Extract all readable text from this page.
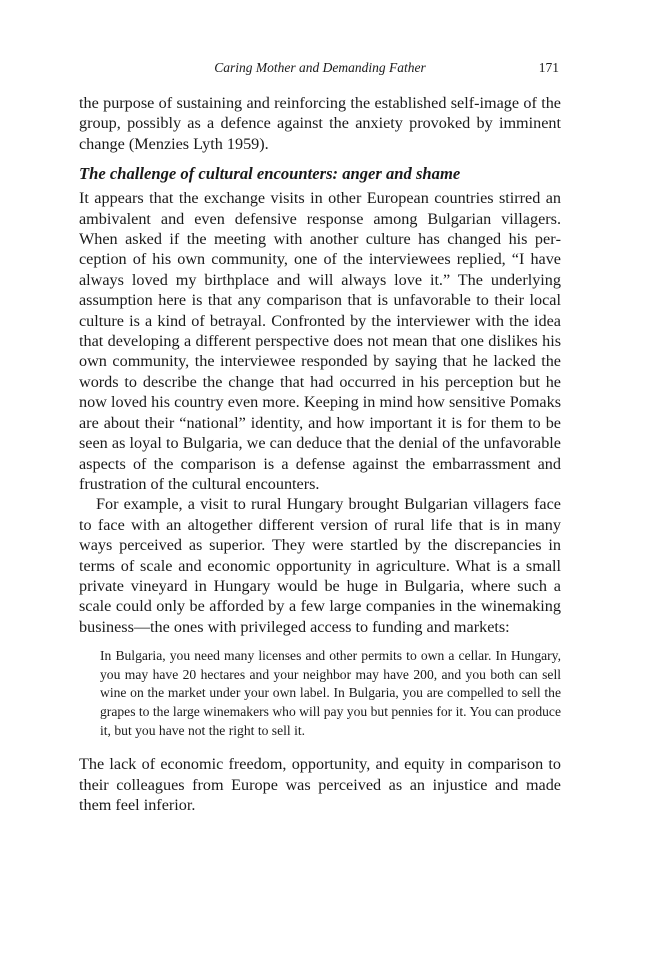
Caring Mother and Demanding Father	171

the purpose of sustaining and reinforcing the established self-image of the group, possibly as a defence against the anxiety provoked by imminent change (Menzies Lyth 1959).

The challenge of cultural encounters: anger and shame

It appears that the exchange visits in other European countries stirred an ambivalent and even defensive response among Bulgarian villagers. When asked if the meeting with another culture has changed his perception of his own community, one of the interviewees replied, “I have always loved my birthplace and will always love it.” The underlying assumption here is that any comparison that is unfavorable to their local culture is a kind of betrayal. Confronted by the interviewer with the idea that developing a different perspective does not mean that one dislikes his own community, the interviewee responded by saying that he lacked the words to describe the change that had occurred in his perception but he now loved his country even more. Keeping in mind how sensitive Pomaks are about their “national” identity, and how important it is for them to be seen as loyal to Bulgaria, we can deduce that the denial of the unfavorable aspects of the comparison is a defense against the embarrassment and frustration of the cultural encounters.

For example, a visit to rural Hungary brought Bulgarian villagers face to face with an altogether different version of rural life that is in many ways perceived as superior. They were startled by the discrepancies in terms of scale and economic opportunity in agriculture. What is a small private vineyard in Hungary would be huge in Bulgaria, where such a scale could only be afforded by a few large companies in the winemaking business—the ones with privileged access to funding and markets:

In Bulgaria, you need many licenses and other permits to own a cellar. In Hungary, you may have 20 hectares and your neighbor may have 200, and you both can sell wine on the market under your own label. In Bulgaria, you are compelled to sell the grapes to the large winemakers who will pay you but pennies for it. You can produce it, but you have not the right to sell it.

The lack of economic freedom, opportunity, and equity in comparison to their colleagues from Europe was perceived as an injustice and made them feel inferior.
